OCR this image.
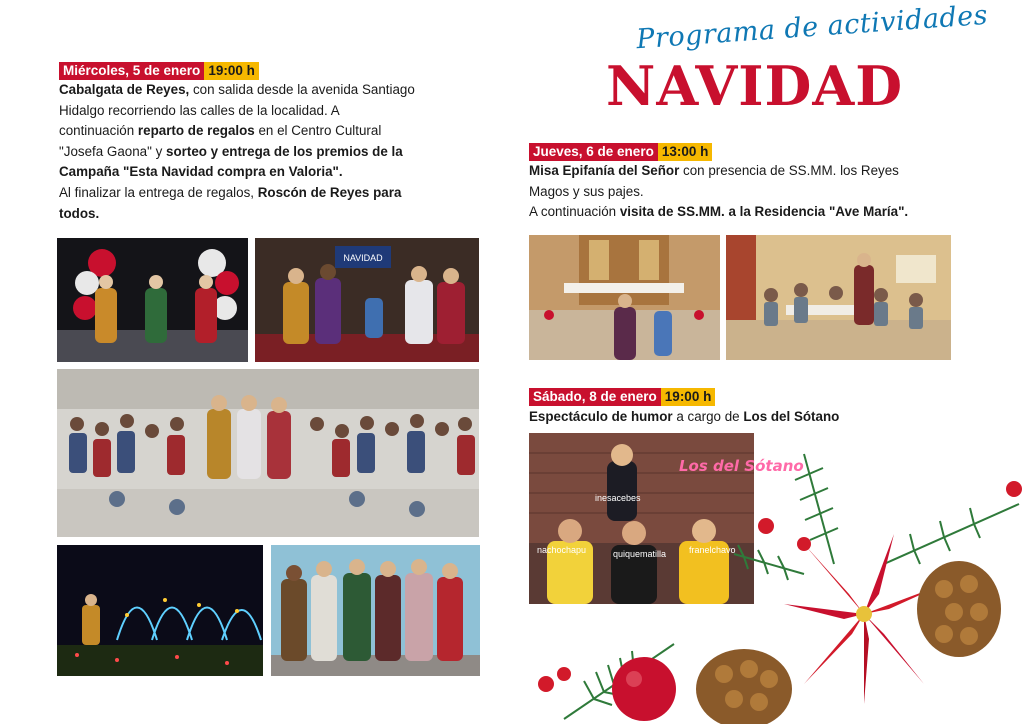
Programa de actividades
NAVIDAD
Miércoles, 5 de enero 19:00 h
Cabalgata de Reyes, con salida desde la avenida Santiago
Hidalgo recorriendo las calles de la localidad. A
continuación reparto de regalos en el Centro Cultural
"Josefa Gaona" y sorteo y entrega de los premios de la
Campaña "Esta Navidad compra en Valoria".
Al finalizar la entrega de regalos, Roscón de Reyes para
todos.
Jueves, 6 de enero 13:00 h
Misa Epifanía del Señor con presencia de SS.MM. los Reyes
Magos y sus pajes.
A continuación visita de SS.MM. a la Residencia "Ave María".
Sábado, 8 de enero 19:00 h
Espectáculo de humor a cargo de Los del Sótano
NAVIDAD
Los del Sótano
inesacebes
nachochapu	quiquematilla	franelchavo
